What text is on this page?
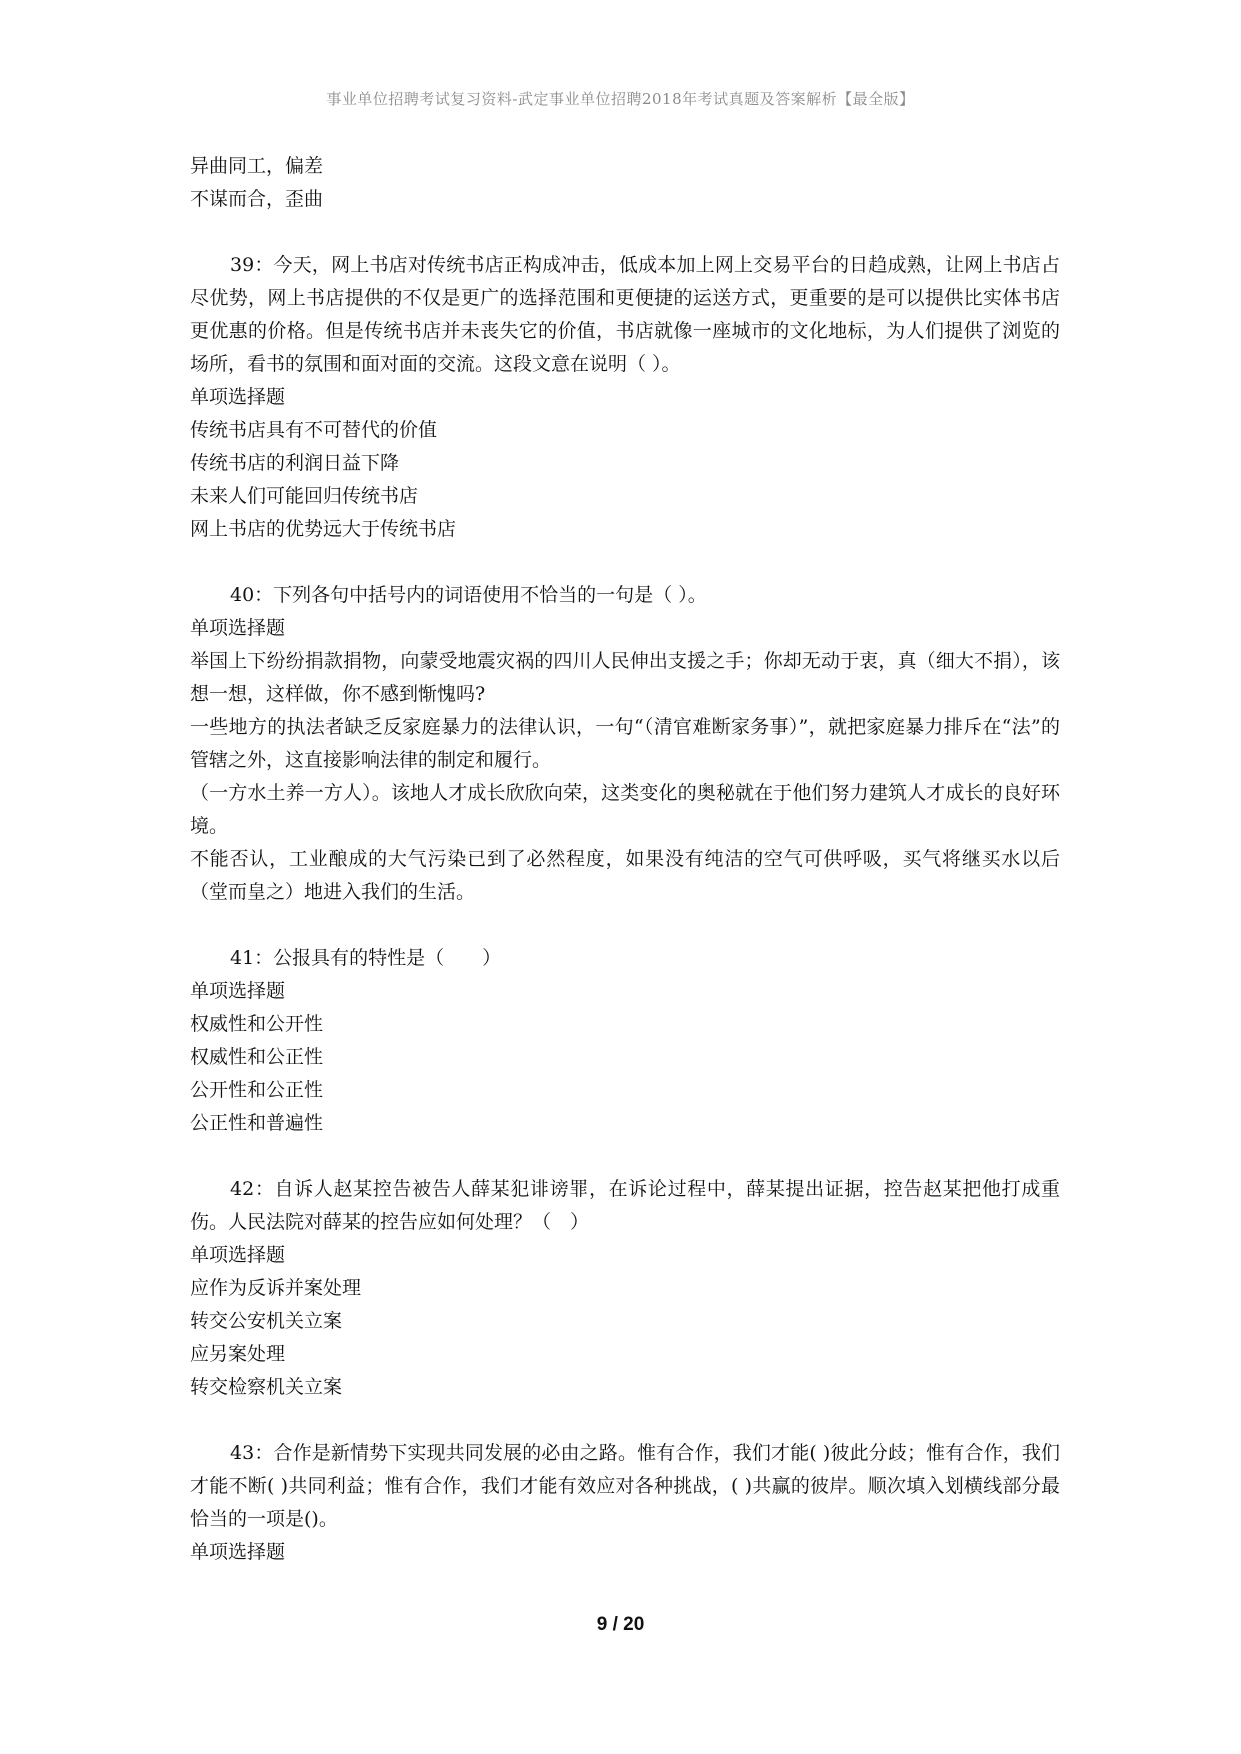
事业单位招聘考试复习资料-武定事业单位招聘2018年考试真题及答案解析【最全版】

异曲同工，偏差

不谋而合，歪曲

39：今天，网上书店对传统书店正构成冲击，低成本加上网上交易平台的日趋成熟，让网上书店占尽优势，网上书店提供的不仅是更广的选择范围和更便捷的运送方式，更重要的是可以提供比实体书店更优惠的价格。但是传统书店并未丧失它的价值，书店就像一座城市的文化地标，为人们提供了浏览的场所，看书的氛围和面对面的交流。这段文意在说明（ ）。

单项选择题

传统书店具有不可替代的价值

传统书店的利润日益下降

未来人们可能回归传统书店

网上书店的优势远大于传统书店

40：下列各句中括号内的词语使用不恰当的一句是（ ）。

单项选择题

举国上下纷纷捐款捐物，向蒙受地震灾祸的四川人民伸出支援之手；你却无动于衷，真（细大不捐），该想一想，这样做，你不感到惭愧吗?

一些地方的执法者缺乏反家庭暴力的法律认识，一句“（清官难断家务事）”，就把家庭暴力排斥在“法”的管辖之外，这直接影响法律的制定和履行。

（一方水土养一方人）。该地人才成长欣欣向荣，这类变化的奥秘就在于他们努力建筑人才成长的良好环境。

不能否认，工业酿成的大气污染已到了必然程度，如果没有纯洁的空气可供呼吸，买气将继买水以后（堂而皇之）地进入我们的生活。

41：公报具有的特性是（　　）

单项选择题

权威性和公开性

权威性和公正性

公开性和公正性

公正性和普遍性

42：自诉人赵某控告被告人薛某犯诽谤罪，在诉论过程中，薛某提出证据，控告赵某把他打成重伤。人民法院对薛某的控告应如何处理？（　）

单项选择题

应作为反诉并案处理

转交公安机关立案

应另案处理

转交检察机关立案

43：合作是新情势下实现共同发展的必由之路。惟有合作，我们才能( )彼此分歧；惟有合作，我们才能不断( )共同利益；惟有合作，我们才能有效应对各种挑战，( )共赢的彼岸。顺次填入划横线部分最恰当的一项是()。

单项选择题

9 / 20
